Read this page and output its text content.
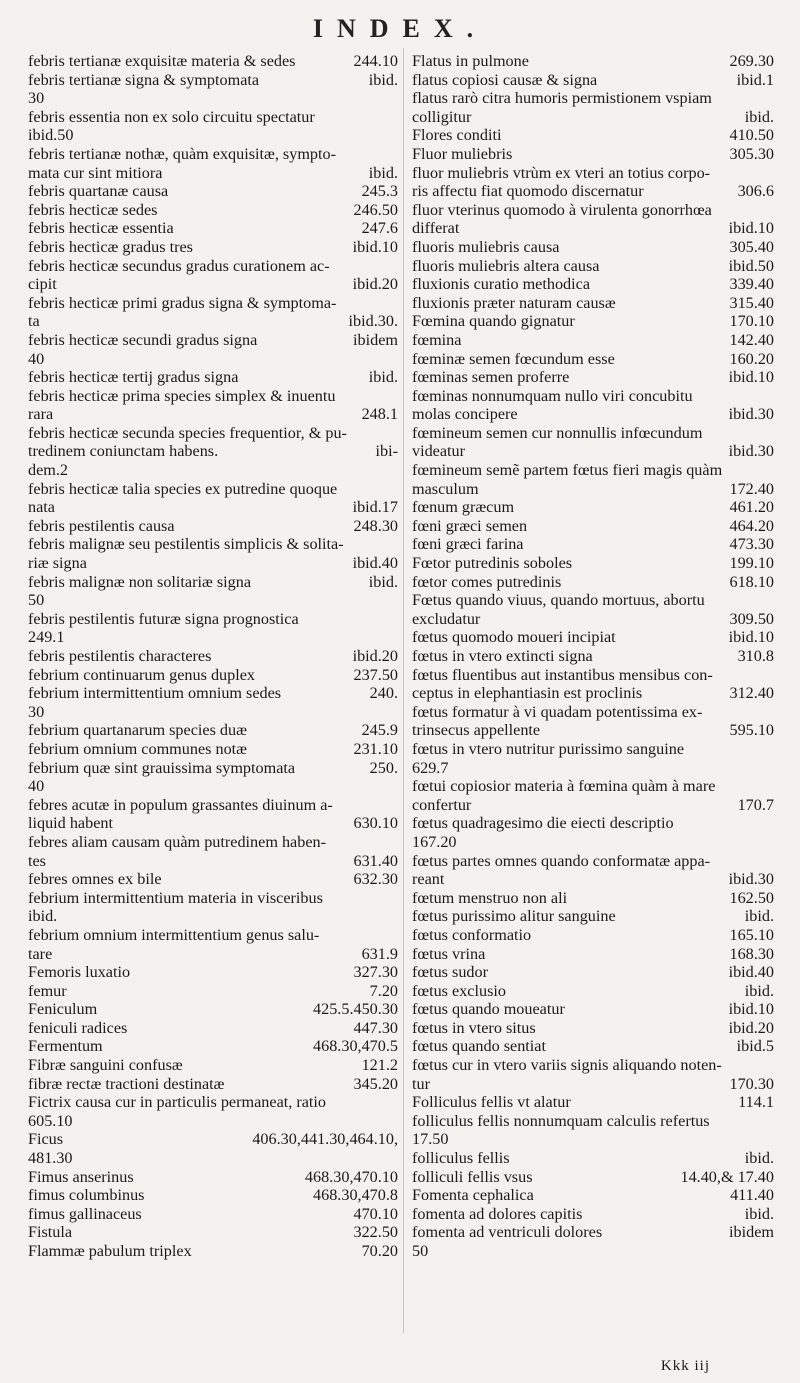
INDEX.
244.10
febris tertianæ exquisitæ materia & sedes
ibid.
febris tertianæ signa & symptomata
30
febris essentia non ex solo circuitu spectatur
ibid.50
febris tertianæ nothæ, quàm exquisitæ, sympto-
ibid.
mata cur sint mitiora
245.3
febris quartanæ causa
246.50
febris hecticæ sedes
247.6
febris hecticæ essentia
ibid.10
febris hecticæ gradus tres
febris hecticæ secundus gradus curationem ac-
ibid.20
cipit
febris hecticæ primi gradus signa & symptoma-
ibid.30.
ta
ibidem
febris hecticæ secundi gradus signa
40
ibid.
febris hecticæ tertij gradus signa
febris hecticæ prima species simplex & inuentu
248.1
rara
febris hecticæ secunda species frequentior, & pu-
ibi-
tredinem coniunctam habens.
dem.2
febris hecticæ talia species ex putredine quoque
ibid.17
nata
248.30
febris pestilentis causa
febris malignæ seu pestilentis simplicis & solita-
ibid.40
riæ signa
ibid.
febris malignæ non solitariæ signa
50
febris pestilentis futuræ signa prognostica
249.1
ibid.20
febris pestilentis characteres
237.50
febrium continuarum genus duplex
240.
febrium intermittentium omnium sedes
30
245.9
febrium quartanarum species duæ
231.10
febrium omnium communes notæ
250.
febrium quæ sint grauissima symptomata
40
febres acutæ in populum grassantes diuinum a-
630.10
liquid habent
febres aliam causam quàm putredinem haben-
631.40
tes
632.30
febres omnes ex bile
febrium intermittentium materia in visceribus
ibid.
febrium omnium intermittentium genus salu-
631.9
tare
327.30
Femoris luxatio
7.20
femur
425.5.450.30
Feniculum
447.30
feniculi radices
468.30,470.5
Fermentum
121.2
Fibræ sanguini confusæ
345.20
fibræ rectæ tractioni destinatæ
Fictrix causa cur in particulis permaneat, ratio
605.10
406.30,441.30,464.10,
Ficus
481.30
468.30,470.10
Fimus anserinus
468.30,470.8
fimus columbinus
470.10
fimus gallinaceus
322.50
Fistula
70.20
Flammæ pabulum triplex
269.30
Flatus in pulmone
ibid.1
flatus copiosi causæ & signa
flatus rarò citra humoris permistionem vspiam
ibid.
colligitur
410.50
Flores conditi
305.30
Fluor muliebris
fluor muliebris vtrùm ex vteri an totius corpo-
306.6
ris affectu fiat quomodo discernatur
fluor vterinus quomodo à virulenta gonorrhœa
ibid.10
differat
305.40
fluoris muliebris causa
ibid.50
fluoris muliebris altera causa
339.40
fluxionis curatio methodica
315.40
fluxionis præter naturam causæ
170.10
Fœmina quando gignatur
142.40
fœmina
160.20
fœminæ semen fœcundum esse
ibid.10
fœminas semen proferre
fœminas nonnumquam nullo viri concubitu
ibid.30
molas concipere
fœmineum semen cur nonnullis infœcundum
ibid.30
videatur
fœmineum semẽ partem fœtus fieri magis quàm
172.40
masculum
461.20
fœnum græcum
464.20
fœni græci semen
473.30
fœni græci farina
199.10
Fœtor putredinis soboles
618.10
fœtor comes putredinis
Fœtus quando viuus, quando mortuus, abortu
309.50
excludatur
ibid.10
fœtus quomodo moueri incipiat
310.8
fœtus in vtero extincti signa
fœtus fluentibus aut instantibus mensibus con-
312.40
ceptus in elephantiasin est proclinis
fœtus formatur à vi quadam potentissima ex-
595.10
trinsecus appellente
fœtus in vtero nutritur purissimo sanguine
629.7
fœtui copiosior materia à fœmina quàm à mare
170.7
confertur
fœtus quadragesimo die eiecti descriptio
167.20
fœtus partes omnes quando conformatæ appa-
ibid.30
reant
162.50
fœtum menstruo non ali
ibid.
fœtus purissimo alitur sanguine
165.10
fœtus conformatio
168.30
fœtus vrina
ibid.40
fœtus sudor
ibid.
fœtus exclusio
ibid.10
fœtus quando moueatur
ibid.20
fœtus in vtero situs
ibid.5
fœtus quando sentiat
fœtus cur in vtero variis signis aliquando noten-
170.30
tur
114.1
Folliculus fellis vt alatur
folliculus fellis nonnumquam calculis refertus
17.50
ibid.
folliculus fellis
14.40,& 17.40
folliculi fellis vsus
411.40
Fomenta cephalica
ibid.
fomenta ad dolores capitis
ibidem
fomenta ad ventriculi dolores
50
Kkk iij
